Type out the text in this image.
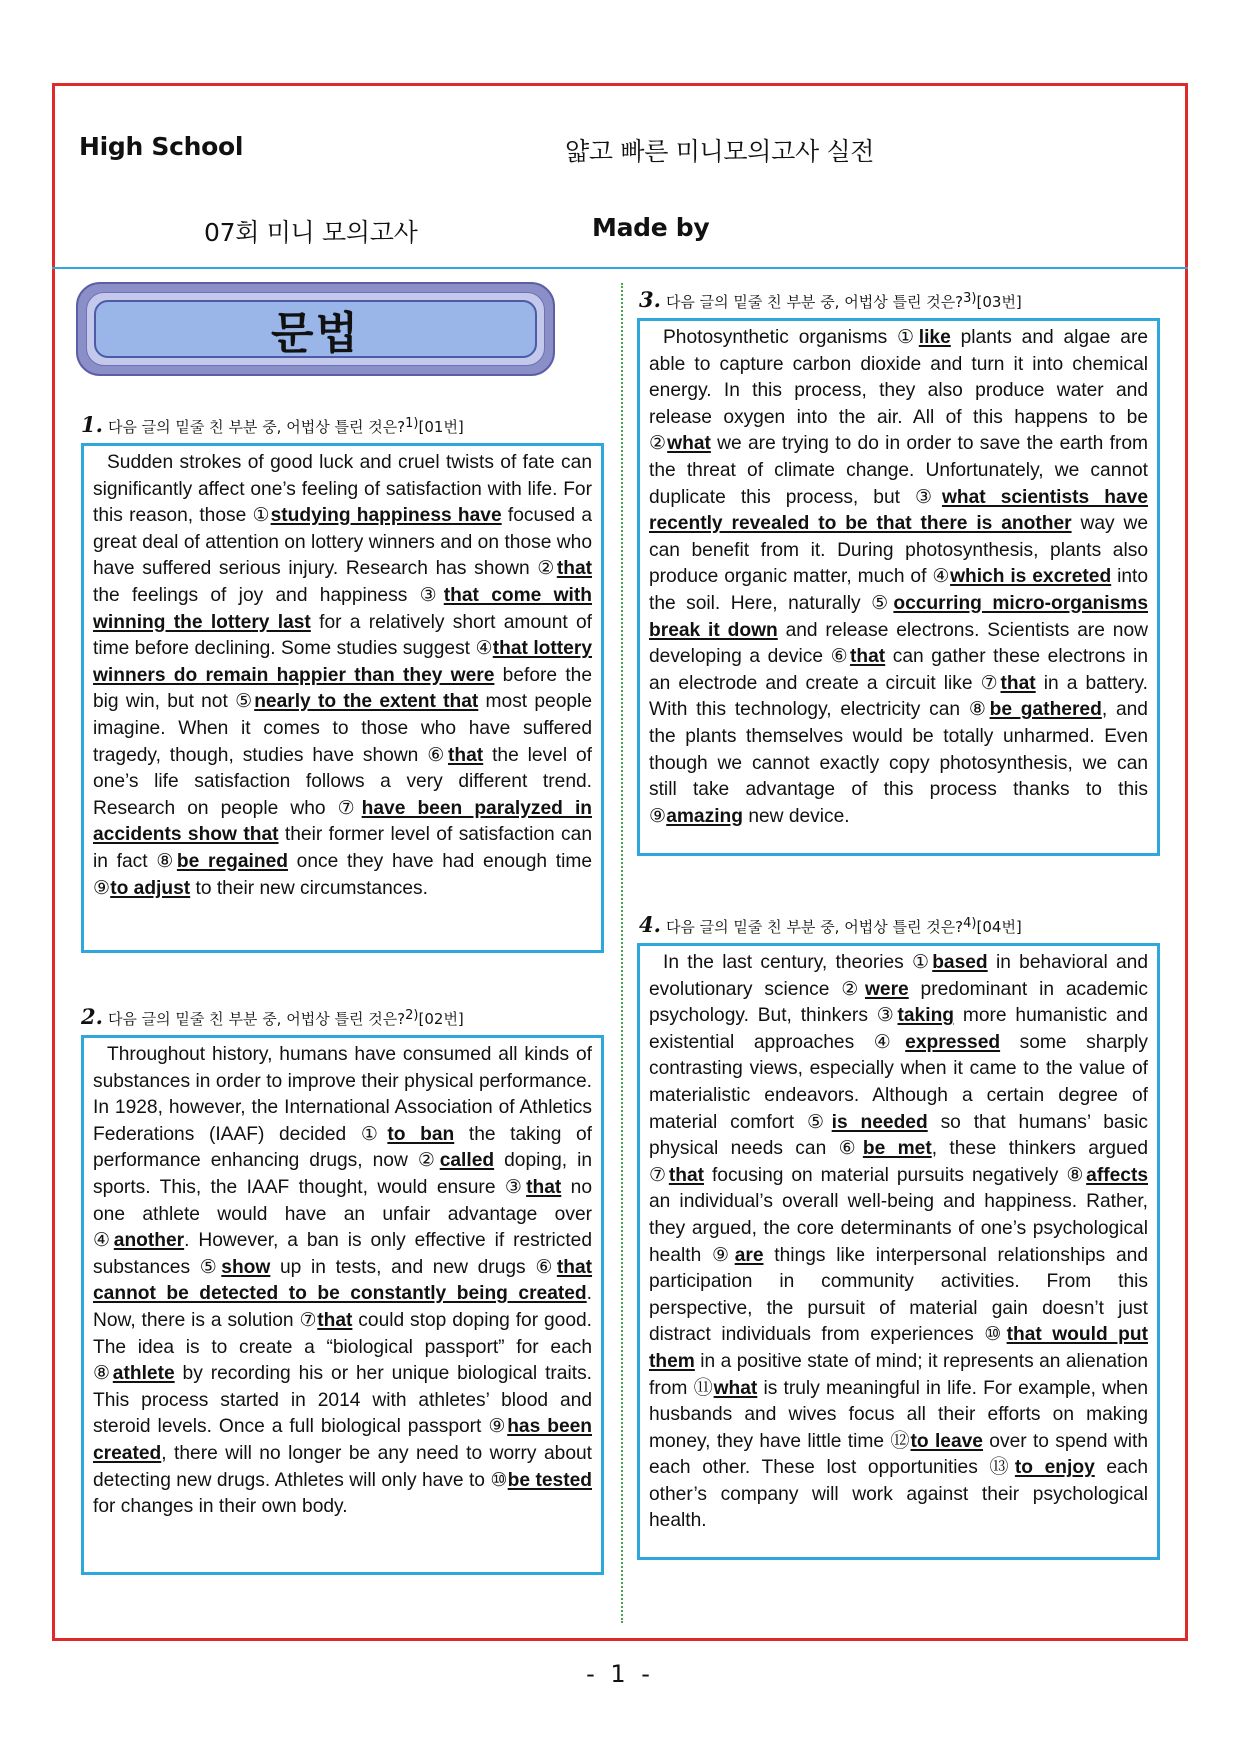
High School	얇고 빠른 미니모의고사 실전
07회 미니 모의고사	Made by
문법
1. 다음 글의 밑줄 친 부분 중, 어법상 틀린 것은?1)[01번]

Sudden strokes of good luck and cruel twists of fate can significantly affect one’s feeling of satisfaction with life. For this reason, those ①studying happiness have focused a great deal of attention on lottery winners and on those who have suffered serious injury. Research has shown ②that the feelings of joy and happiness ③that come with winning the lottery last for a relatively short amount of time before declining. Some studies suggest ④that lottery winners do remain happier than they were before the big win, but not ⑤nearly to the extent that most people imagine. When it comes to those who have suffered tragedy, though, studies have shown ⑥that the level of one’s life satisfaction follows a very different trend. Research on people who ⑦have been paralyzed in accidents show that their former level of satisfaction can in fact ⑧be regained once they have had enough time ⑨to adjust to their new circumstances.

2. 다음 글의 밑줄 친 부분 중, 어법상 틀린 것은?2)[02번]

Throughout history, humans have consumed all kinds of substances in order to improve their physical performance. In 1928, however, the International Association of Athletics Federations (IAAF) decided ①to ban the taking of performance enhancing drugs, now ②called doping, in sports. This, the IAAF thought, would ensure ③that no one athlete would have an unfair advantage over ④another. However, a ban is only effective if restricted substances ⑤show up in tests, and new drugs ⑥that cannot be detected to be constantly being created. Now, there is a solution ⑦that could stop doping for good. The idea is to create a “biological passport” for each ⑧athlete by recording his or her unique biological traits. This process started in 2014 with athletes’ blood and steroid levels. Once a full biological passport ⑨has been created, there will no longer be any need to worry about detecting new drugs. Athletes will only have to ⑩be tested for changes in their own body.

3. 다음 글의 밑줄 친 부분 중, 어법상 틀린 것은?3)[03번]

Photosynthetic organisms ①like plants and algae are able to capture carbon dioxide and turn it into chemical energy. In this process, they also produce water and release oxygen into the air. All of this happens to be ②what we are trying to do in order to save the earth from the threat of climate change. Unfortunately, we cannot duplicate this process, but ③what scientists have recently revealed to be that there is another way we can benefit from it. During photosynthesis, plants also produce organic matter, much of ④which is excreted into the soil. Here, naturally ⑤occurring micro-organisms break it down and release electrons. Scientists are now developing a device ⑥that can gather these electrons in an electrode and create a circuit like ⑦that in a battery. With this technology, electricity can ⑧be gathered, and the plants themselves would be totally unharmed. Even though we cannot exactly copy photosynthesis, we can still take advantage of this process thanks to this ⑨amazing new device.

4. 다음 글의 밑줄 친 부분 중, 어법상 틀린 것은?4)[04번]

In the last century, theories ①based in behavioral and evolutionary science ②were predominant in academic psychology. But, thinkers ③taking more humanistic and existential approaches ④expressed some sharply contrasting views, especially when it came to the value of materialistic endeavors. Although a certain degree of material comfort ⑤is needed so that humans’ basic physical needs can ⑥be met, these thinkers argued ⑦that focusing on material pursuits negatively ⑧affects an individual’s overall well-being and happiness. Rather, they argued, the core determinants of one’s psychological health ⑨are things like interpersonal relationships and participation in community activities. From this perspective, the pursuit of material gain doesn’t just distract individuals from experiences ⑩that would put them in a positive state of mind; it represents an alienation from ⑪what is truly meaningful in life. For example, when husbands and wives focus all their efforts on making money, they have little time ⑫to leave over to spend with each other. These lost opportunities ⑬to enjoy each other’s company will work against their psychological health.

- 1 -
